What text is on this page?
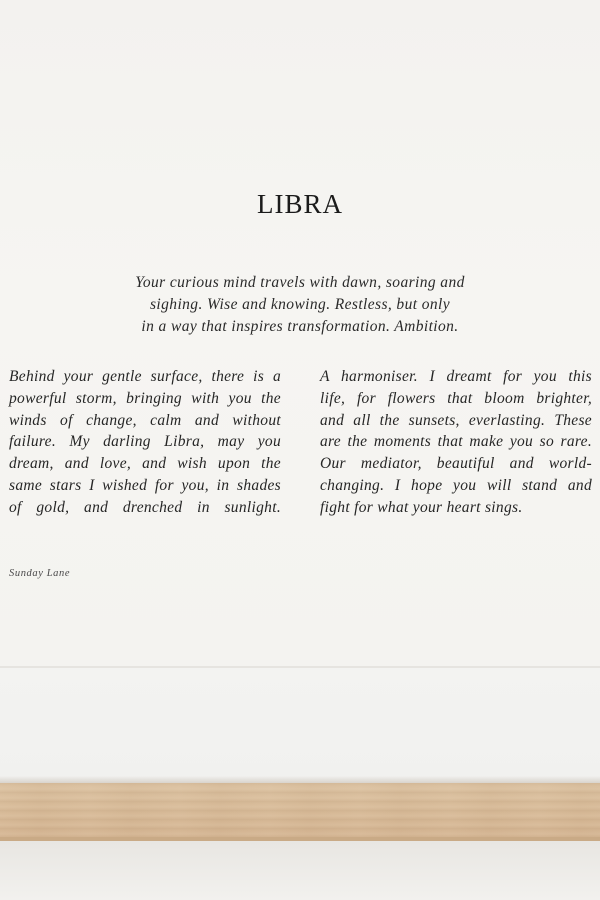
LIBRA
Your curious mind travels with dawn, soaring and
sighing. Wise and knowing. Restless, but only
in a way that inspires transformation. Ambition.
Behind your gentle surface, there is a
powerful storm, bringing with you the
winds of change, calm and without
failure. My darling Libra, may you
dream, and love, and wish upon the
same stars I wished for you, in shades
of gold, and drenched in sunlight.
A harmoniser. I dreamt for you this
life, for flowers that bloom brighter,
and all the sunsets, everlasting. These
are the moments that make you so rare.
Our mediator, beautiful and world-
changing. I hope you will stand and
fight for what your heart sings.
Sunday Lane
